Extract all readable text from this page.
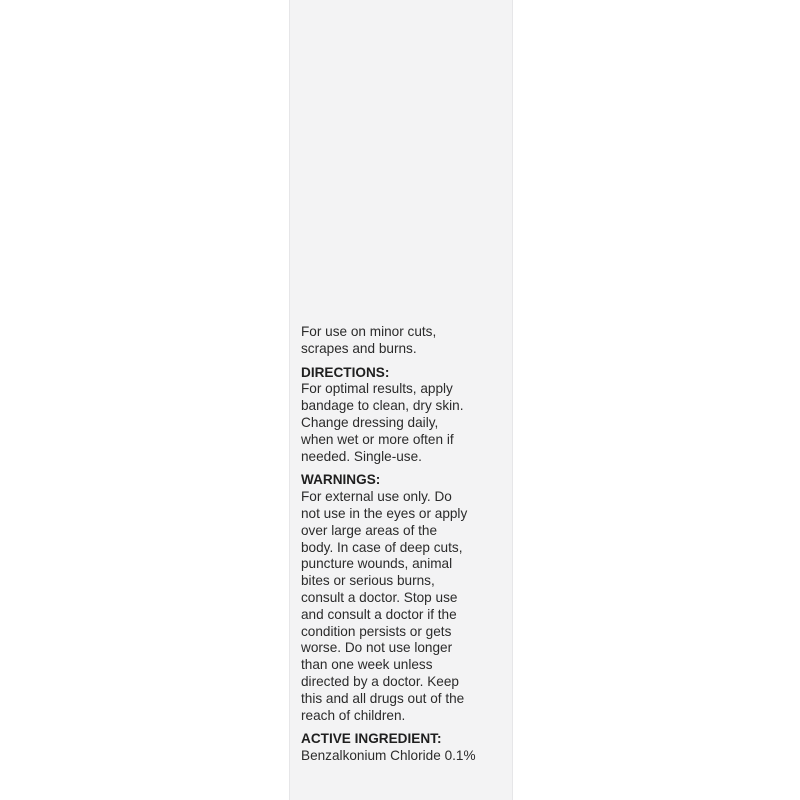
For use on minor cuts,
scrapes and burns.

DIRECTIONS:

For optimal results, apply
bandage to clean, dry skin.
Change dressing daily,
when wet or more often if
needed. Single-use.

WARNINGS:

For external use only. Do
not use in the eyes or apply
over large areas of the
body. In case of deep cuts,
puncture wounds, animal
bites or serious burns,
consult a doctor. Stop use
and consult a doctor if the
condition persists or gets
worse. Do not use longer
than one week unless
directed by a doctor. Keep
this and all drugs out of the
reach of children.

ACTIVE INGREDIENT:

Benzalkonium Chloride 0.1%
